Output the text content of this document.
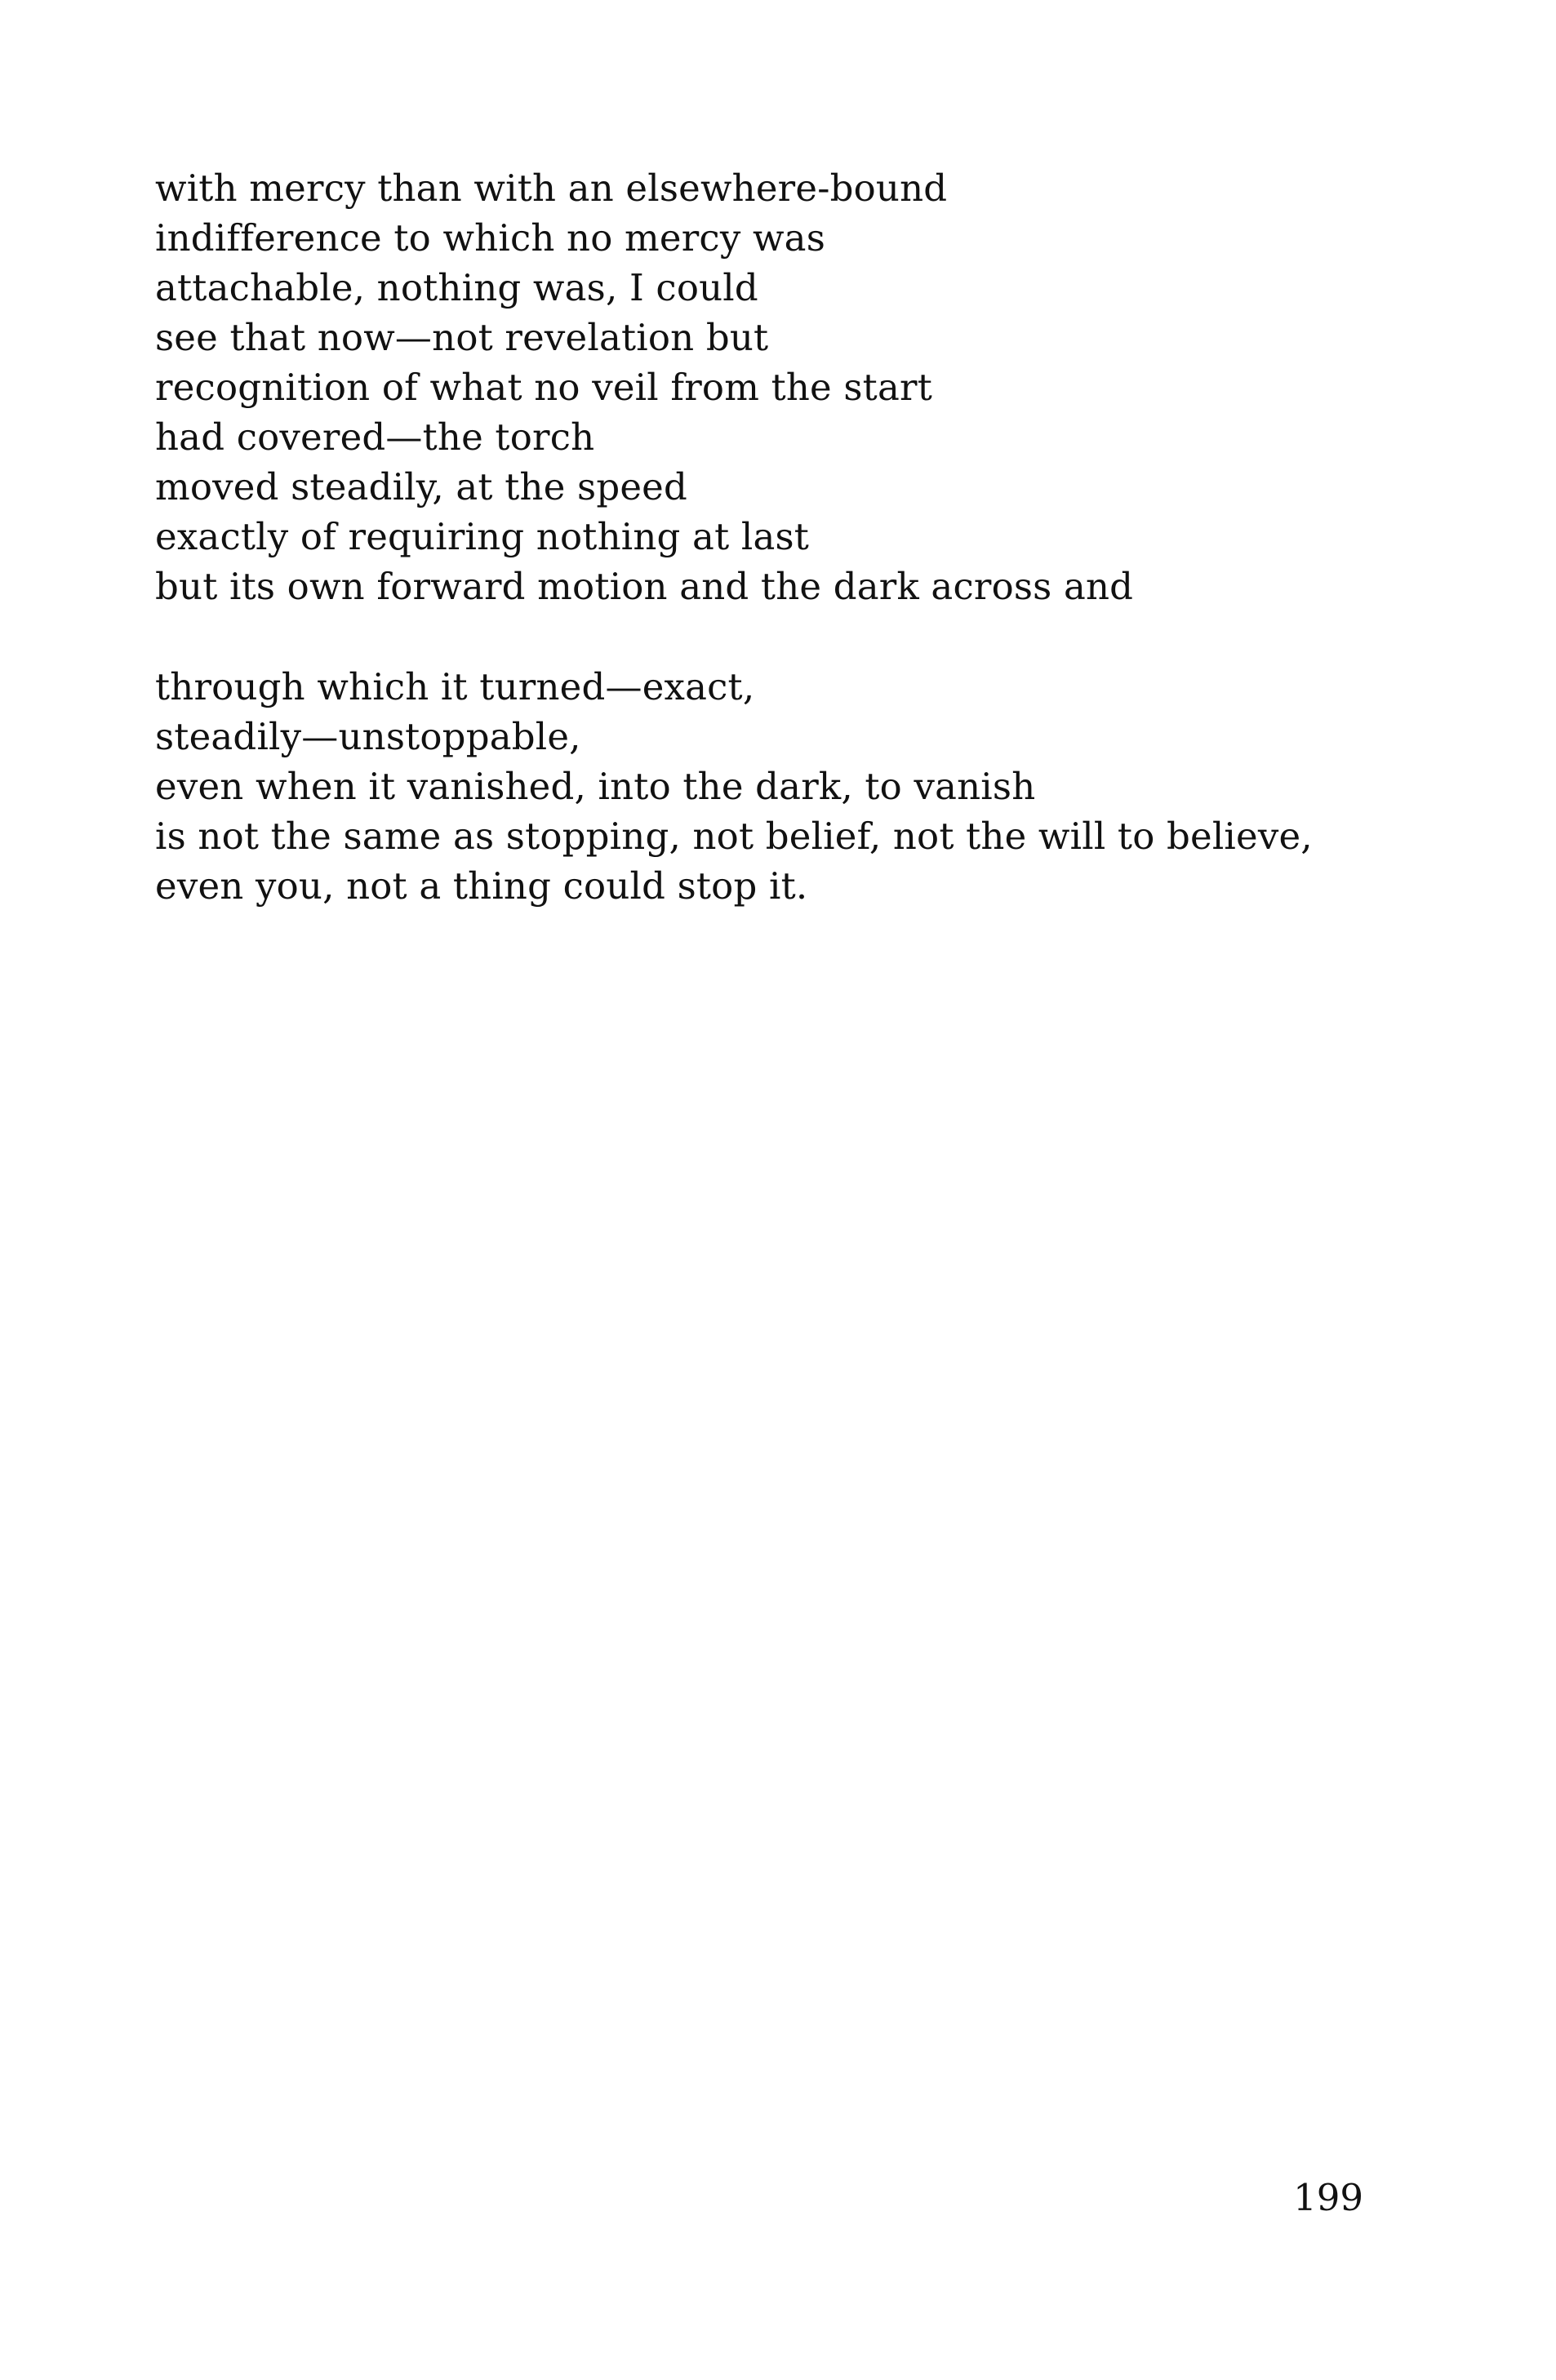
with mercy than with an elsewhere-bound
indifference to which no mercy was
attachable, nothing was, I could
see that now—not revelation but
recognition of what no veil from the start
had covered—the torch
moved steadily, at the speed
exactly of requiring nothing at last
but its own forward motion and the dark across and
through which it turned—exact,
steadily—unstoppable,
even when it vanished, into the dark, to vanish
is not the same as stopping, not belief, not the will to believe,
even you, not a thing could stop it.
199
